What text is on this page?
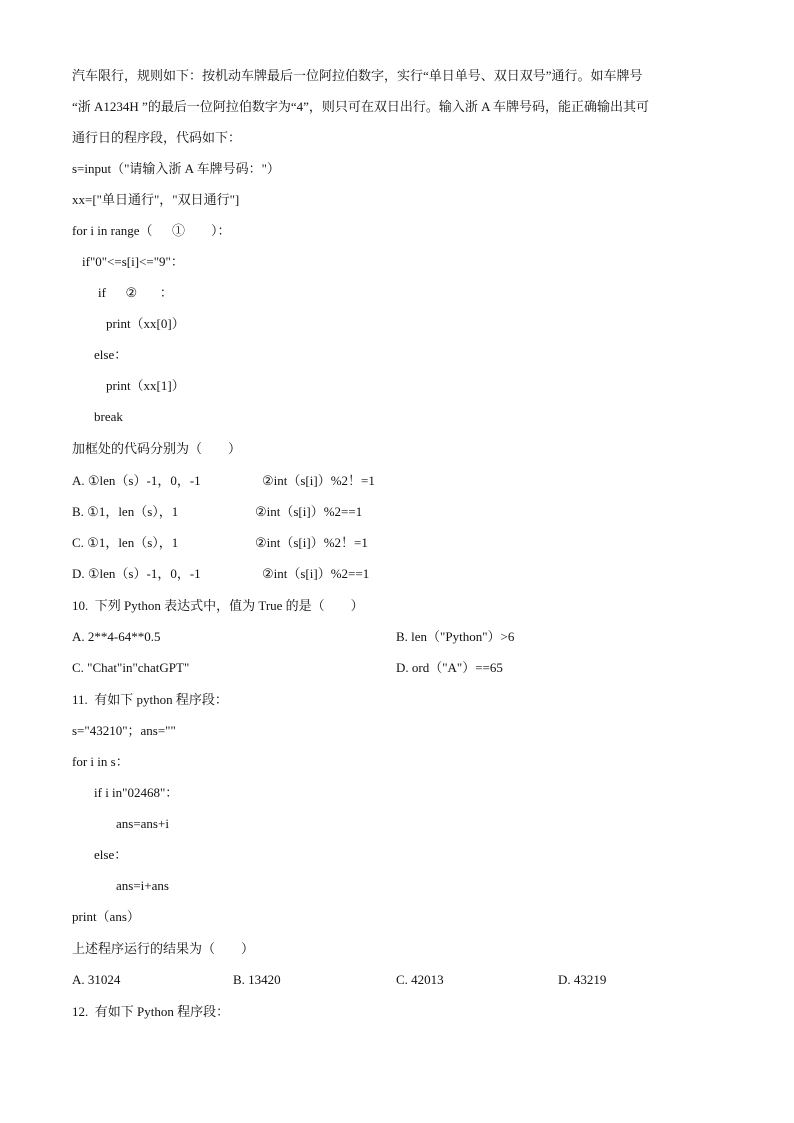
汽车限行，规则如下：按机动车牌最后一位阿拉伯数字，实行“单日单号、双日双号”通行。如车牌号
“浙 A1234H ”的最后一位阿拉伯数字为“4”，则只可在双日出行。输入浙 A 车牌号码，能正确输出其可
通行日的程序段，代码如下：
s=input（"请输入浙 A 车牌号码："）
xx=["单日通行"，"双日通行"]
for i in range（      ①        ）：
if"0"<=s[i]<="9"：
if      ②       ：
print（xx[0]）
else：
print（xx[1]）
break
加框处的代码分别为（　　）
A. ①len（s）-1，0，-1	②int（s[i]）%2！=1
B. ①1，len（s），1	②int（s[i]）%2==1
C. ①1，len（s），1	②int（s[i]）%2！=1
D. ①len（s）-1，0，-1	②int（s[i]）%2==1
10.  下列 Python 表达式中，值为 True 的是（　　）
A. 2**4-64**0.5	B. len（"Python"）>6
C. "Chat"in"chatGPT"	D. ord（"A"）==65
11.  有如下 python 程序段：
s="43210"；ans=""
for i in s：
if i in"02468"：
ans=ans+i
else：
ans=i+ans
print（ans）
上述程序运行的结果为（　　）
A. 31024	B. 13420	C. 42013	D. 43219
12.  有如下 Python 程序段：
